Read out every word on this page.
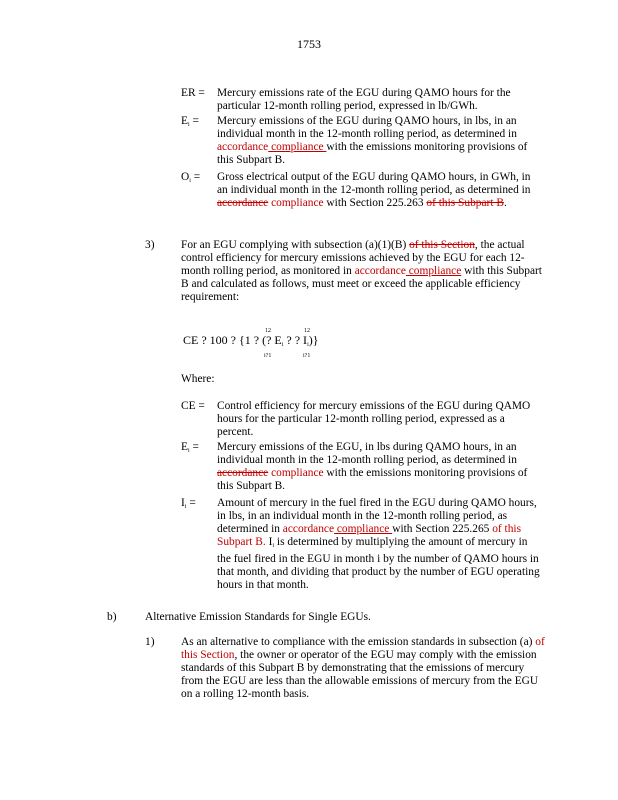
1753
ER =	Mercury emissions rate of the EGU during QAMO hours for the particular 12-month rolling period, expressed in lb/GWh.
$E_i$ =	Mercury emissions of the EGU during QAMO hours, in lbs, in an individual month in the 12-month rolling period, as determined in accordance compliance with the emissions monitoring provisions of this Subpart B.
$O_i$ =	Gross electrical output of the EGU during QAMO hours, in GWh, in an individual month in the 12-month rolling period, as determined in accordance compliance with Section 225.263 of this Subpart B.
3) For an EGU complying with subsection (a)(1)(B) of this Section, the actual control efficiency for mercury emissions achieved by the EGU for each 12-month rolling period, as monitored in accordance compliance with this Subpart B and calculated as follows, must meet or exceed the applicable efficiency requirement:
12	12
CE ? 100 ? {1 ? (? $E_i$ ? ? $I_i$)}
i?1	i?1
Where:
CE =	Control efficiency for mercury emissions of the EGU during QAMO hours for the particular 12-month rolling period, expressed as a percent.
$E_i$ =	Mercury emissions of the EGU, in lbs during QAMO hours, in an individual month in the 12-month rolling period, as determined in accordance compliance with the emissions monitoring provisions of this Subpart B.
$I_i$ =	Amount of mercury in the fuel fired in the EGU during QAMO hours, in lbs, in an individual month in the 12-month rolling period, as determined in accordance compliance with Section 225.265 of this Subpart B. $I_i$ is determined by multiplying the amount of mercury in the fuel fired in the EGU in month i by the number of QAMO hours in that month, and dividing that product by the number of EGU operating hours in that month.
b)	Alternative Emission Standards for Single EGUs.
1) As an alternative to compliance with the emission standards in subsection (a) of this Section, the owner or operator of the EGU may comply with the emission standards of this Subpart B by demonstrating that the emissions of mercury from the EGU are less than the allowable emissions of mercury from the EGU on a rolling 12-month basis.
